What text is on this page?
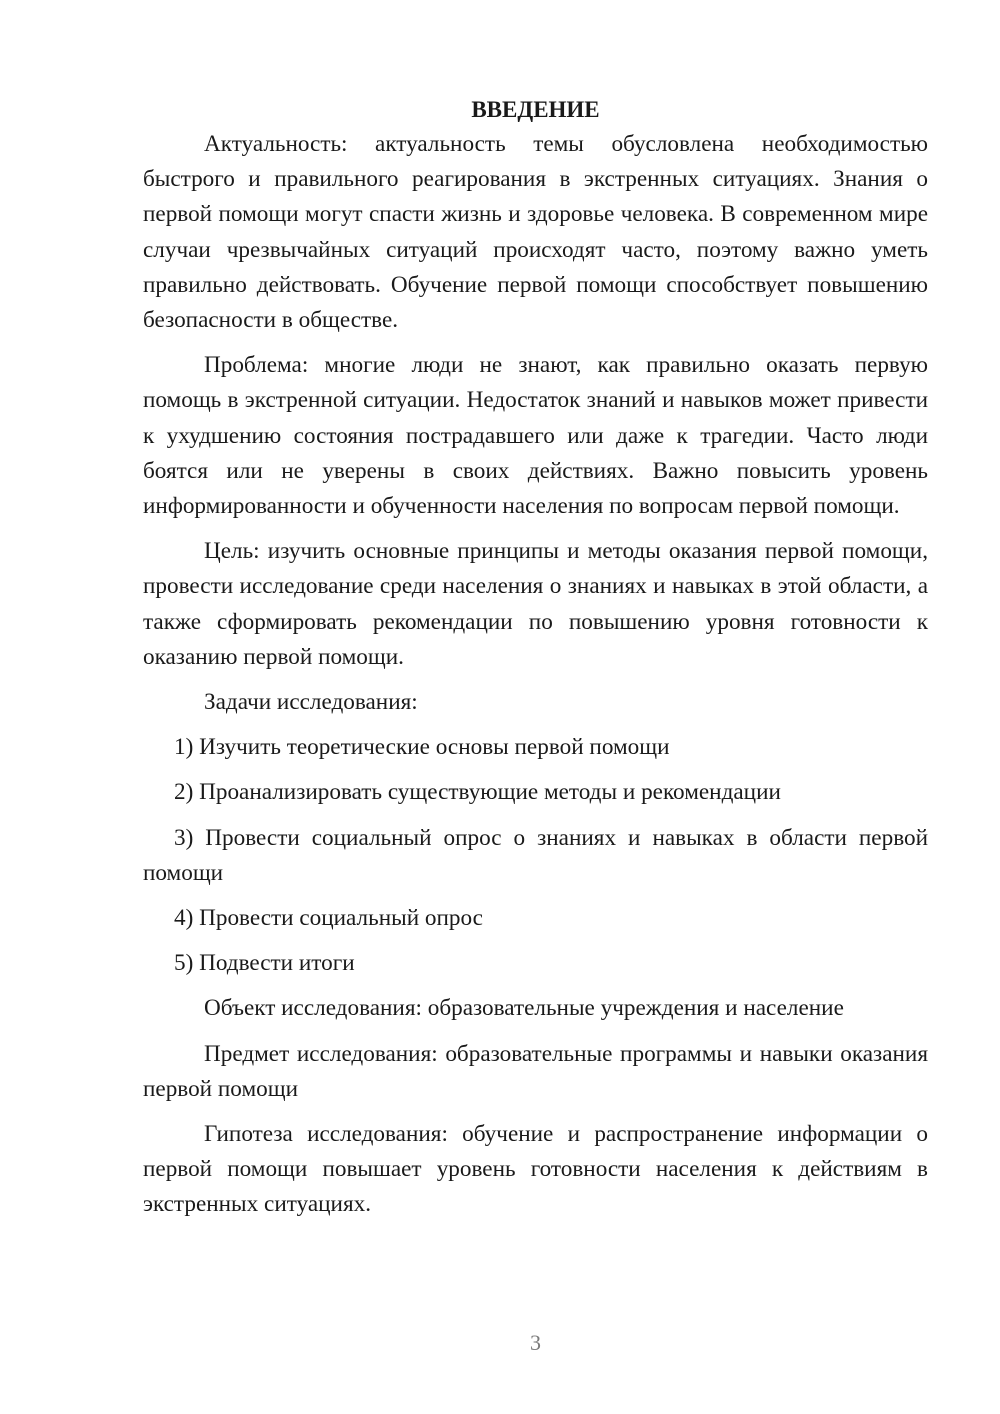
ВВЕДЕНИЕ

Актуальность: актуальность темы обусловлена необходимостью быстрого и правильного реагирования в экстренных ситуациях. Знания о первой помощи могут спасти жизнь и здоровье человека. В современном мире случаи чрезвычайных ситуаций происходят часто, поэтому важно уметь правильно действовать. Обучение первой помощи способствует повышению безопасности в обществе.

Проблема: многие люди не знают, как правильно оказать первую помощь в экстренной ситуации. Недостаток знаний и навыков может привести к ухудшению состояния пострадавшего или даже к трагедии. Часто люди боятся или не уверены в своих действиях. Важно повысить уровень информированности и обученности населения по вопросам первой помощи.

Цель: изучить основные принципы и методы оказания первой помощи, провести исследование среди населения о знаниях и навыках в этой области, а также сформировать рекомендации по повышению уровня готовности к оказанию первой помощи.

Задачи исследования:

1) Изучить теоретические основы первой помощи

2) Проанализировать существующие методы и рекомендации

3) Провести социальный опрос о знаниях и навыках в области первой помощи

4) Провести социальный опрос

5) Подвести итоги

Объект исследования: образовательные учреждения и население

Предмет исследования: образовательные программы и навыки оказания первой помощи

Гипотеза исследования: обучение и распространение информации о первой помощи повышает уровень готовности населения к действиям в экстренных ситуациях.

3
